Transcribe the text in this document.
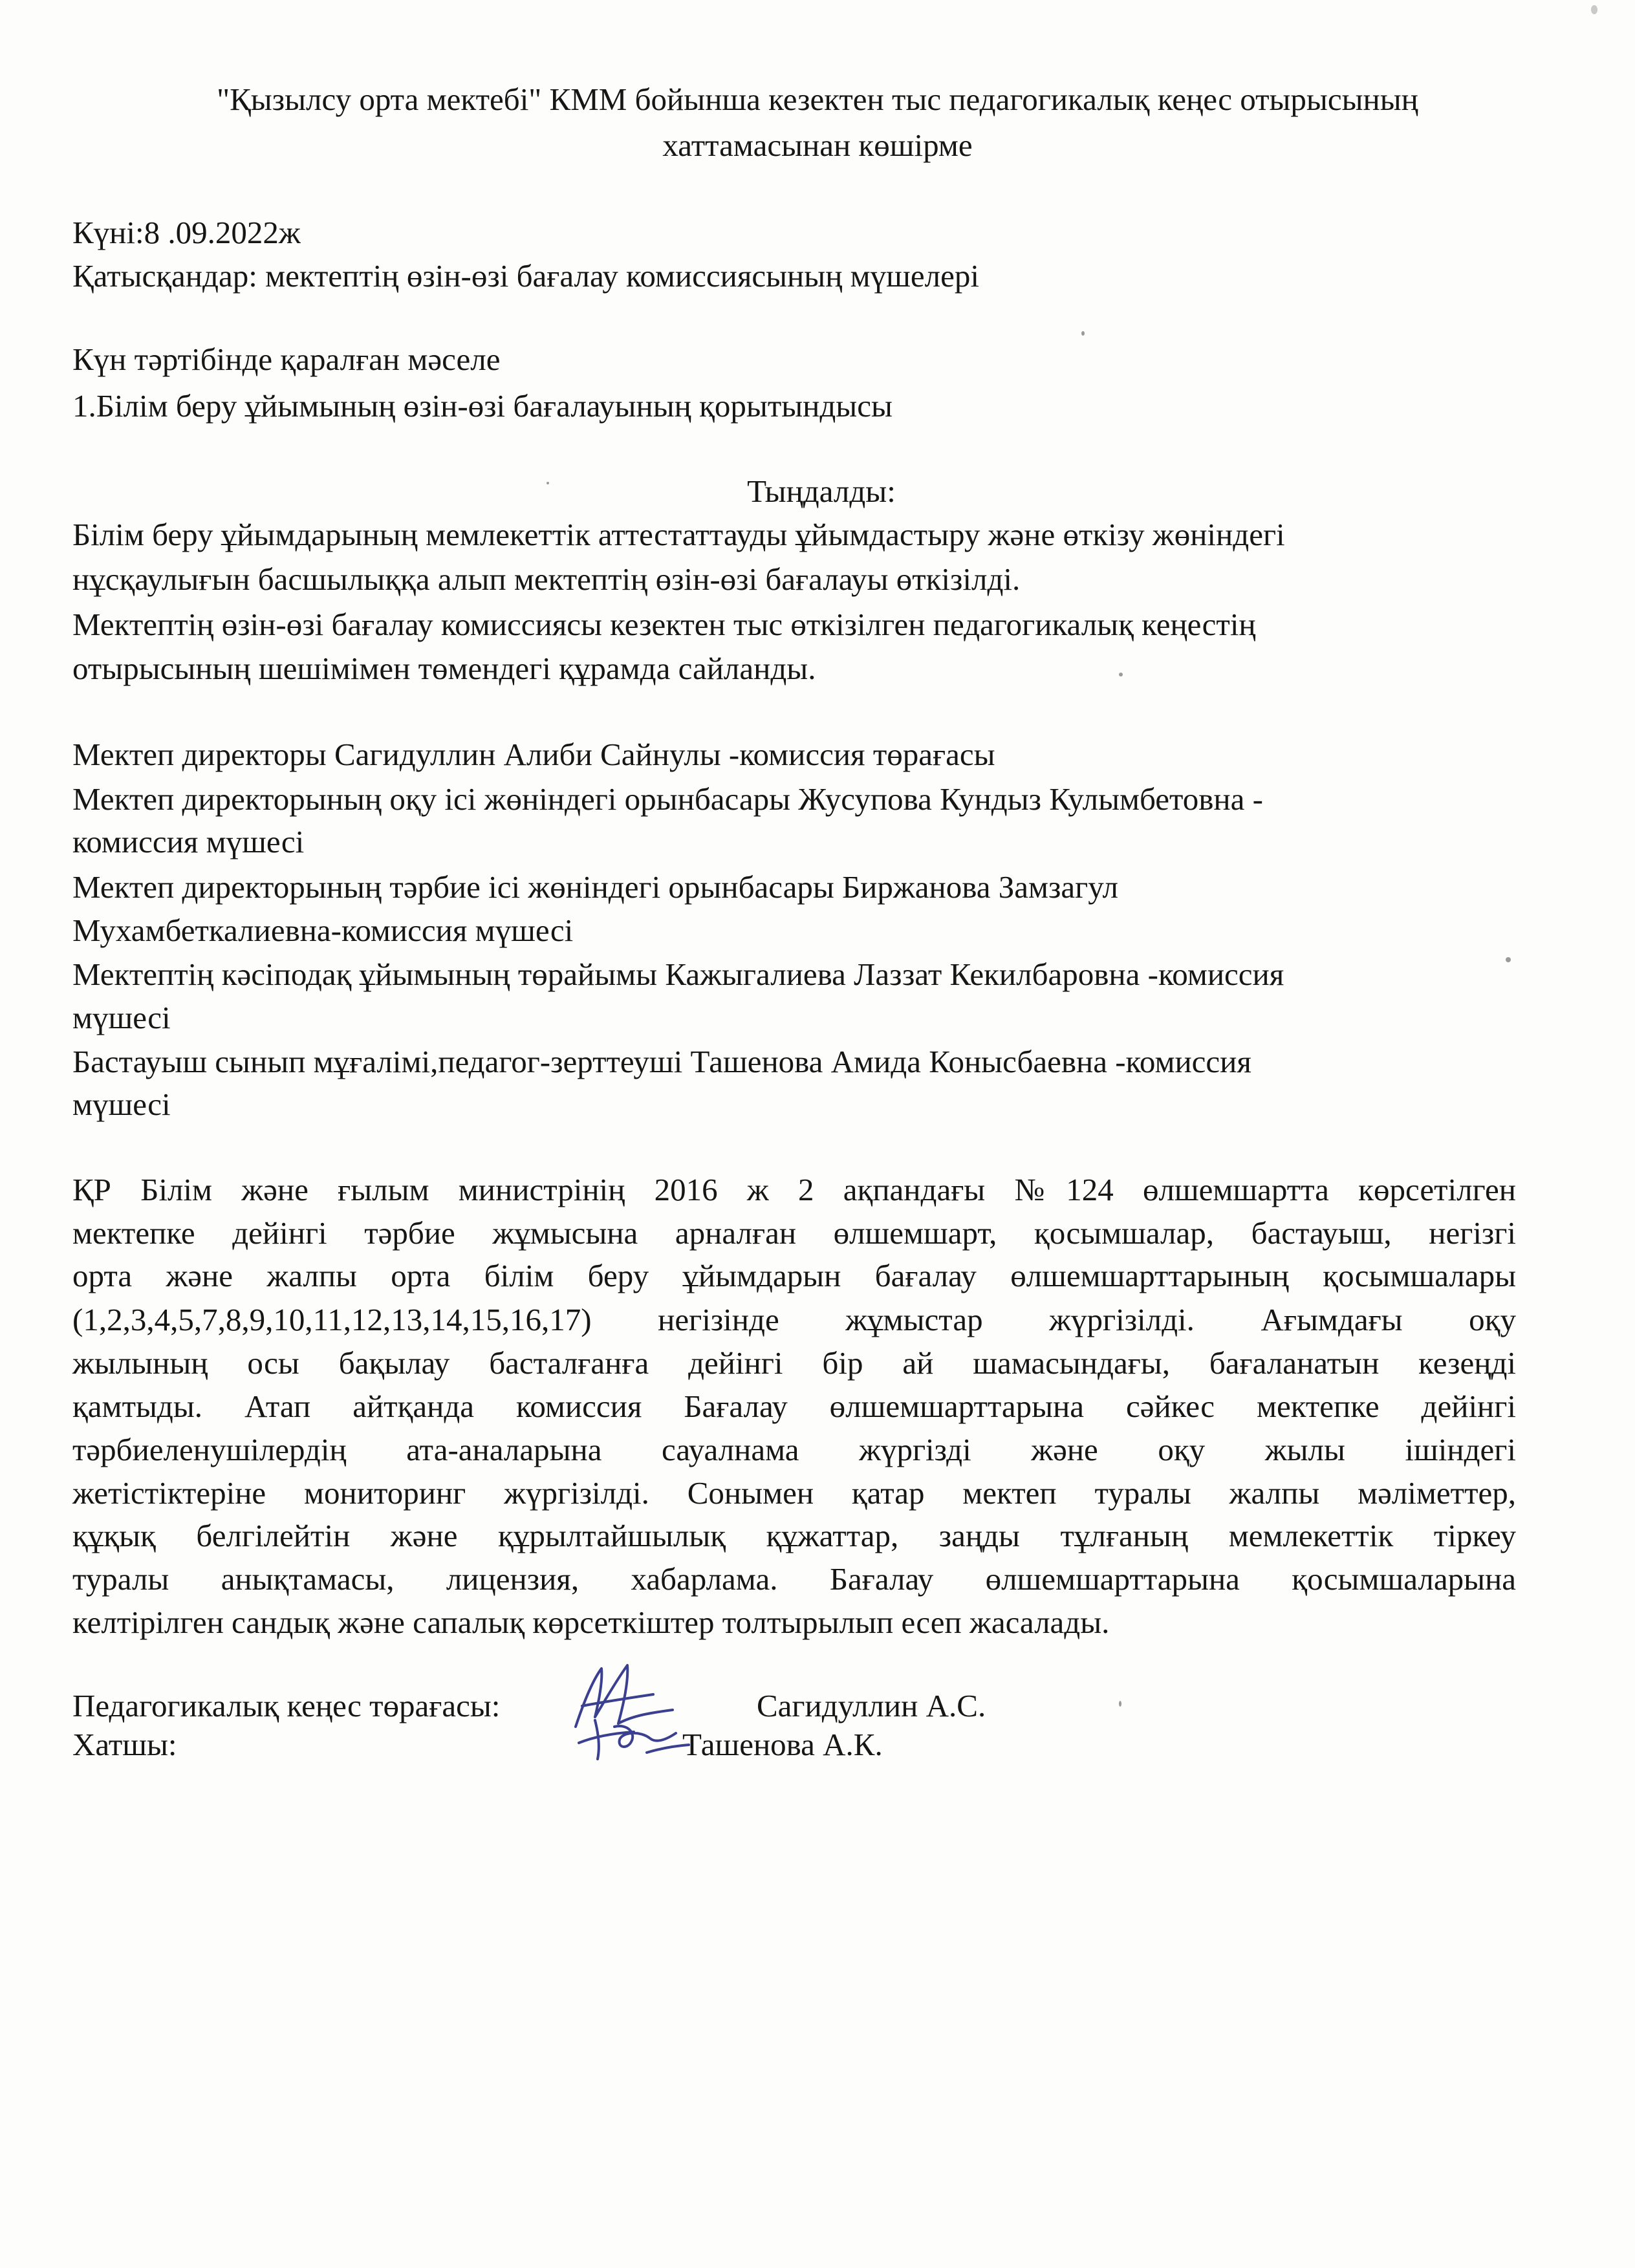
"Қызылсу орта мектебі" КММ бойынша кезектен тыс педагогикалық кеңес отырысының

хаттамасынан көшірме

Күні:8 .09.2022ж

Қатысқандар: мектептің өзін-өзі бағалау комиссиясының мүшелері

Күн тәртібінде қаралған мәселе

1.Білім беру ұйымының өзін-өзі бағалауының қорытындысы

Тыңдалды:

Білім беру ұйымдарының мемлекеттік аттестаттауды ұйымдастыру және өткізу жөніндегі

нұсқаулығын басшылыққа алып мектептің өзін-өзі бағалауы өткізілді.

Мектептің өзін-өзі бағалау комиссиясы кезектен тыс өткізілген педагогикалық кеңестің

отырысының шешімімен төмендегі құрамда сайланды.

Мектеп директоры Сагидуллин Алиби Сайнулы -комиссия төрағасы

Мектеп директорының оқу ісі жөніндегі орынбасары Жусупова Кундыз Кулымбетовна -

комиссия мүшесі

Мектеп директорының тәрбие ісі жөніндегі орынбасары Биржанова Замзагул

Мухамбеткалиевна-комиссия мүшесі

Мектептің кәсіподақ ұйымының төрайымы Кажыгалиева Лаззат Кекилбаровна -комиссия

мүшесі

Бастауыш сынып мұғалімі,педагог-зерттеуші Ташенова Амида Конысбаевна -комиссия

мүшесі

ҚР Білім және ғылым министрінің 2016 ж 2 ақпандағы №124 өлшемшартта көрсетілген

мектепке дейінгі тәрбие жұмысына арналған өлшемшарт, қосымшалар, бастауыш, негізгі

орта және жалпы орта білім беру ұйымдарын бағалау өлшемшарттарының қосымшалары

(1,2,3,4,5,7,8,9,10,11,12,13,14,15,16,17) негізінде жұмыстар жүргізілді. Ағымдағы оқу

жылының осы бақылау басталғанға дейінгі бір ай шамасындағы, бағаланатын кезеңді

қамтыды. Атап айтқанда комиссия Бағалау өлшемшарттарына сәйкес мектепке дейінгі

тәрбиеленушілердің ата-аналарына сауалнама жүргізді және оқу жылы ішіндегі

жетістіктеріне мониторинг жүргізілді. Сонымен қатар мектеп туралы жалпы мәліметтер,

құқық белгілейтін және құрылтайшылық құжаттар, заңды тұлғаның мемлекеттік тіркеу

туралы анықтамасы, лицензия, хабарлама. Бағалау өлшемшарттарына қосымшаларына

келтірілген сандық және сапалық көрсеткіштер толтырылып есеп жасалады.

Педагогикалық кеңес төрағасы:	Сагидуллин А.С.

Хатшы:	Ташенова А.К.
